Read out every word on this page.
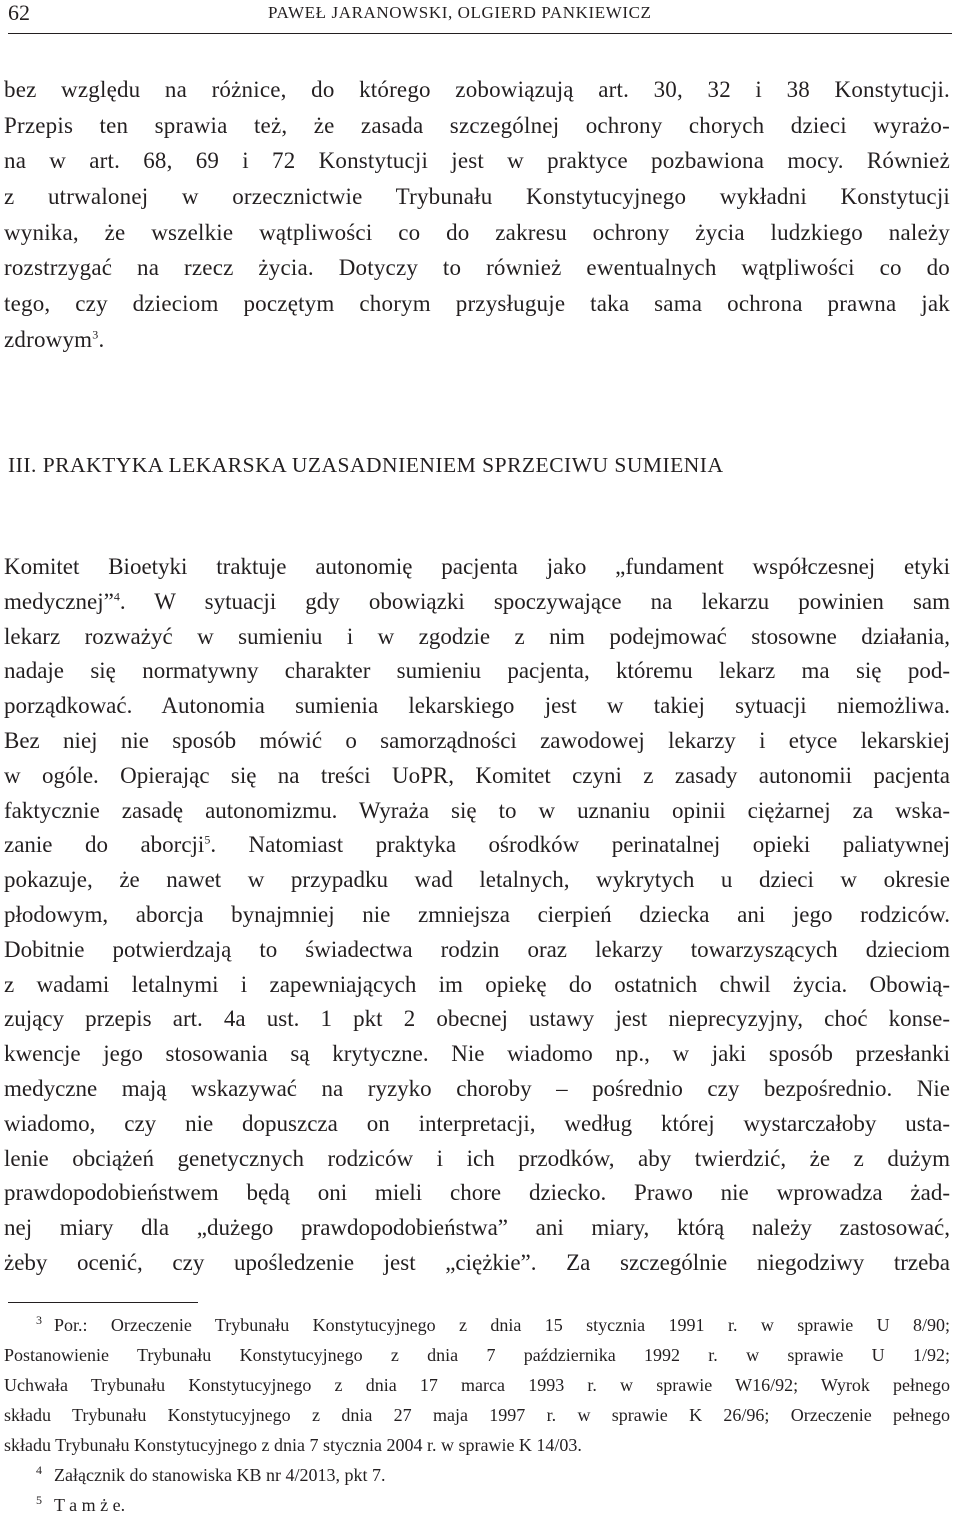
62	PAWEŁ JARANOWSKI, OLGIERD PANKIEWICZ
bez względu na różnice, do którego zobowiązują art. 30, 32 i 38 Konstytucji.
Przepis ten sprawia też, że zasada szczególnej ochrony chorych dzieci wyrażo-
na w art. 68, 69 i 72 Konstytucji jest w praktyce pozbawiona mocy. Również
z utrwalonej w orzecznictwie Trybunału Konstytucyjnego wykładni Konstytucji
wynika, że wszelkie wątpliwości co do zakresu ochrony życia ludzkiego należy
rozstrzygać na rzecz życia. Dotyczy to również ewentualnych wątpliwości co do
tego, czy dzieciom poczętym chorym przysługuje taka sama ochrona prawna jak
zdrowym$^3$.
III. PRAKTYKA LEKARSKA UZASADNIENIEM SPRZECIWU SUMIENIA
Komitet Bioetyki traktuje autonomię pacjenta jako „fundament współczesnej etyki
medycznej”$^4$. W sytuacji gdy obowiązki spoczywające na lekarzu powinien sam
lekarz rozważyć w sumieniu i w zgodzie z nim podejmować stosowne działania,
nadaje się normatywny charakter sumieniu pacjenta, któremu lekarz ma się pod-
porządkować. Autonomia sumienia lekarskiego jest w takiej sytuacji niemożliwa.
Bez niej nie sposób mówić o samorządności zawodowej lekarzy i etyce lekarskiej
w ogóle. Opierając się na treści UoPR, Komitet czyni z zasady autonomii pacjenta
faktycznie zasadę autonomizmu. Wyraża się to w uznaniu opinii ciężarnej za wska-
zanie do aborcji$^5$. Natomiast praktyka ośrodków perinatalnej opieki paliatywnej
pokazuje, że nawet w przypadku wad letalnych, wykrytych u dzieci w okresie
płodowym, aborcja bynajmniej nie zmniejsza cierpień dziecka ani jego rodziców.
Dobitnie potwierdzają to świadectwa rodzin oraz lekarzy towarzyszących dzieciom
z wadami letalnymi i zapewniających im opiekę do ostatnich chwil życia. Obowią-
zujący przepis art. 4a ust. 1 pkt 2 obecnej ustawy jest nieprecyzyjny, choć konse-
kwencje jego stosowania są krytyczne. Nie wiadomo np., w jaki sposób przesłanki
medyczne mają wskazywać na ryzyko choroby – pośrednio czy bezpośrednio. Nie
wiadomo, czy nie dopuszcza on interpretacji, według której wystarczałoby usta-
lenie obciążeń genetycznych rodziców i ich przodków, aby twierdzić, że z dużym
prawdopodobieństwem będą oni mieli chore dziecko. Prawo nie wprowadza żad-
nej miary dla „dużego prawdopodobieństwa” ani miary, którą należy zastosować,
żeby ocenić, czy upośledzenie jest „ciężkie”. Za szczególnie niegodziwy trzeba
$^3$ Por.: Orzeczenie Trybunału Konstytucyjnego z dnia 15 stycznia 1991 r. w sprawie U 8/90;
Postanowienie Trybunału Konstytucyjnego z dnia 7 października 1992 r. w sprawie U 1/92;
Uchwała Trybunału Konstytucyjnego z dnia 17 marca 1993 r. w sprawie W16/92; Wyrok pełnego
składu Trybunału Konstytucyjnego z dnia 27 maja 1997 r. w sprawie K 26/96; Orzeczenie pełnego
składu Trybunału Konstytucyjnego z dnia 7 stycznia 2004 r. w sprawie K 14/03.
$^4$ Załącznik do stanowiska KB nr 4/2013, pkt 7.
$^5$ T a m ż e.
